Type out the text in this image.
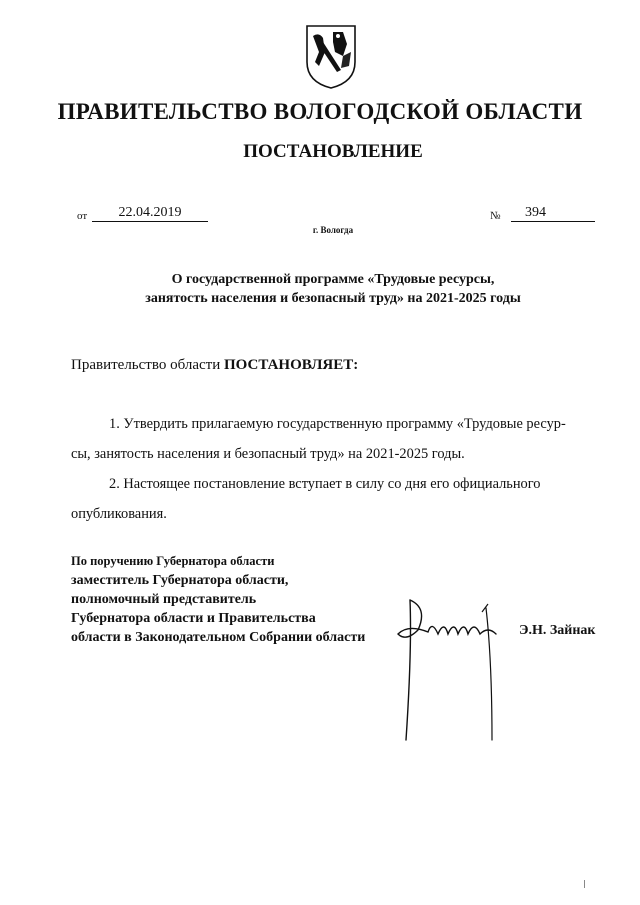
ПРАВИТЕЛЬСТВО ВОЛОГОДСКОЙ ОБЛАСТИ
ПОСТАНОВЛЕНИЕ
от	22.04.2019	№	394
г. Вологда
О государственной программе «Трудовые ресурсы,
занятость населения и безопасный труд» на 2021-2025 годы
Правительство области ПОСТАНОВЛЯЕТ:
1. Утвердить прилагаемую государственную программу «Трудовые ресур-
сы, занятость населения и безопасный труд» на 2021-2025 годы.
2. Настоящее постановление вступает в силу со дня его официального
опубликования.
По поручению Губернатора области
заместитель Губернатора области,
полномочный представитель
Губернатора области и Правительства
области в Законодательном Собрании области	Э.Н. Зайнак
